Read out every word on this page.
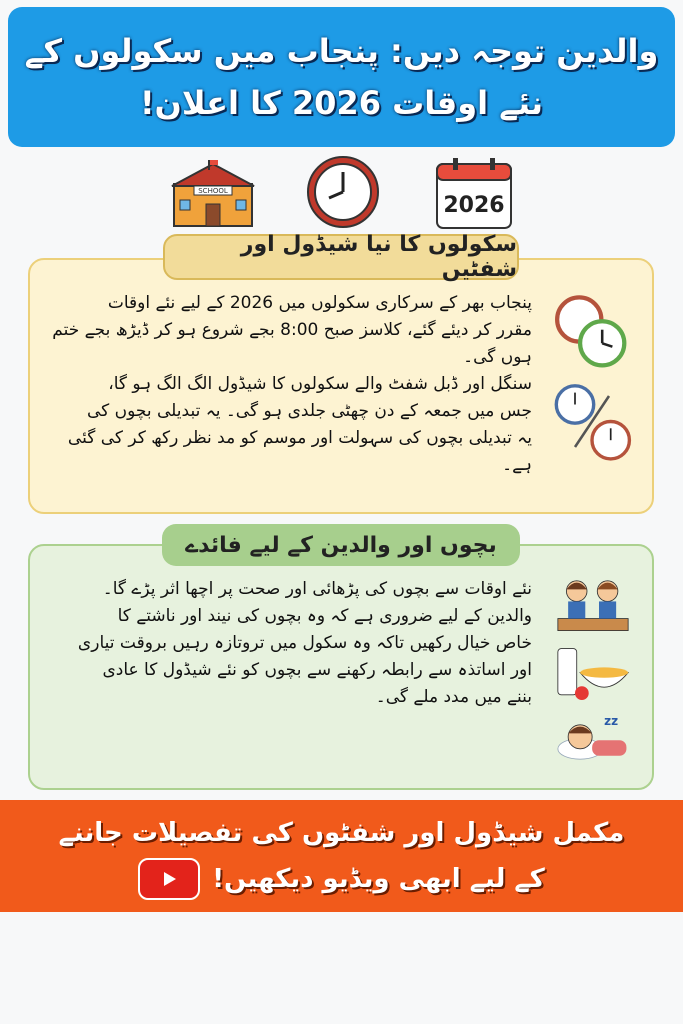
والدین توجہ دیں: پنجاب میں سکولوں کے
نئے اوقات 2026 کا اعلان!
SCHOOL
2026
سکولوں کا نیا شیڈول اور شفٹیں
پنجاب بھر کے سرکاری سکولوں میں 2026 کے لیے نئے اوقات
مقرر کر دیئے گئے، کلاسز صبح 8:00 بجے شروع ہو کر ڈیڑھ بجے ختم ہوں گی۔
سنگل اور ڈبل شفٹ والے سکولوں کا شیڈول الگ الگ ہو گا،
جس میں جمعہ کے دن چھٹی جلدی ہو گی۔ یہ تبدیلی بچوں کی
یہ تبدیلی بچوں کی سہولت اور موسم کو مد نظر رکھ کر کی گئی ہے۔
بچوں اور والدین کے لیے فائدے
zz
نئے اوقات سے بچوں کی پڑھائی اور صحت پر اچھا اثر پڑے گا۔
والدین کے لیے ضروری ہے کہ وہ بچوں کی نیند اور ناشتے کا
خاص خیال رکھیں تاکہ وہ سکول میں تروتازہ رہیں بروقت تیاری
اور اساتذہ سے رابطہ رکھنے سے بچوں کو نئے شیڈول کا عادی
بننے میں مدد ملے گی۔
مکمل شیڈول اور شفٹوں کی تفصیلات جاننے
کے لیے ابھی ویڈیو دیکھیں!
